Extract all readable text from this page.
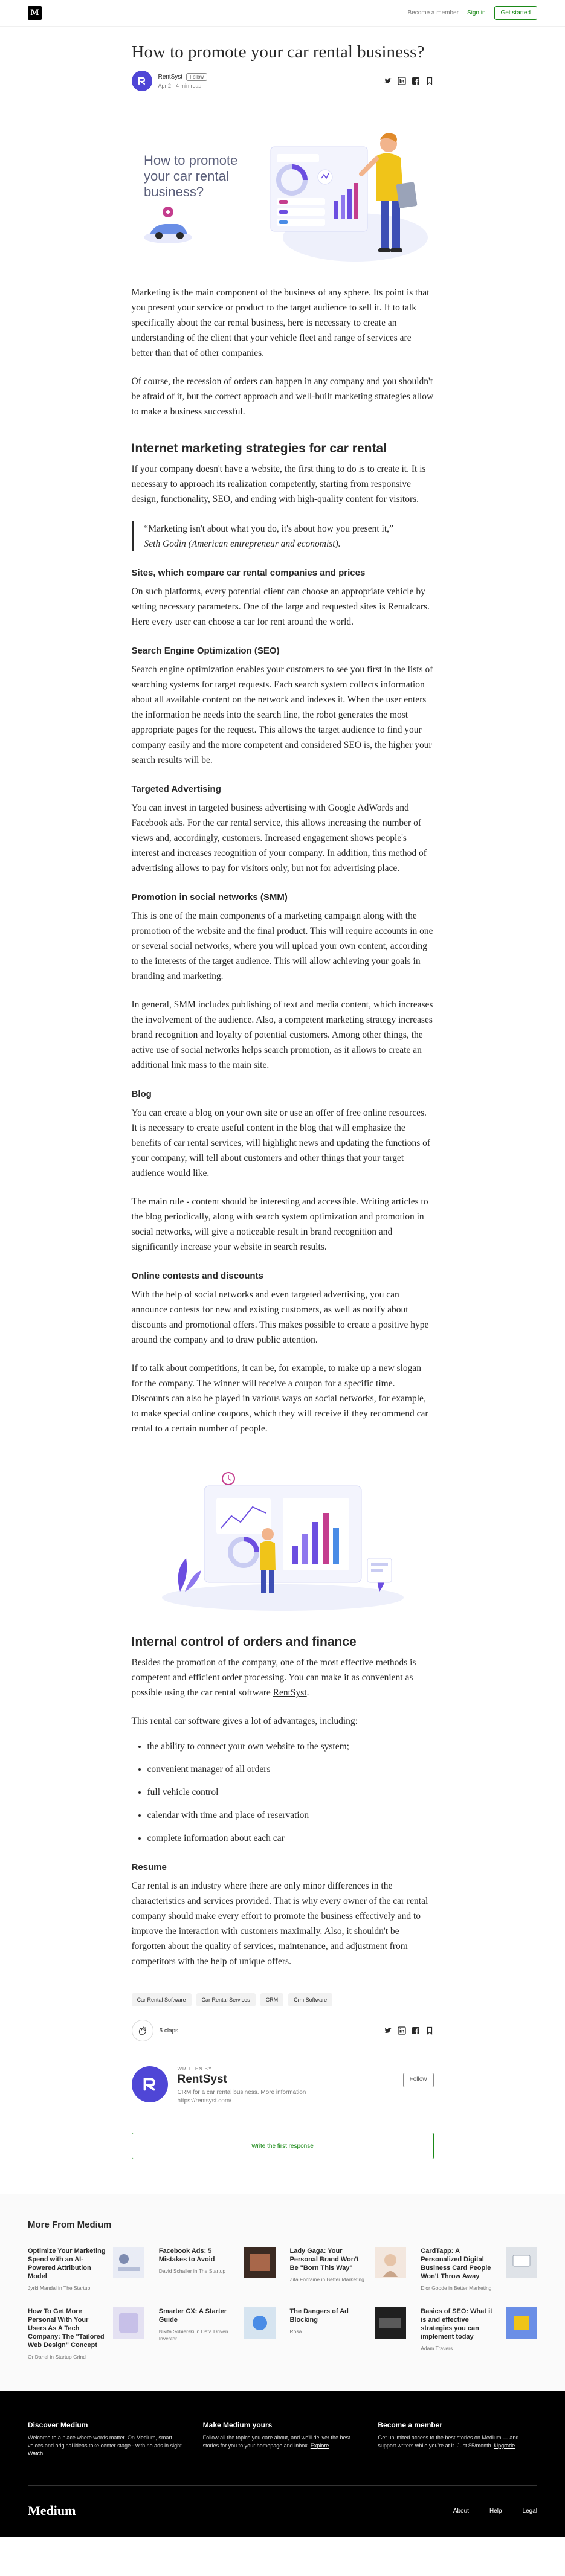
M	Become a member Sign in	Get started
How to promote your car rental business?
RentSyst	Follow
Apr 2 · 4 min read
How to promote
your car rental
business?

Marketing is the main component of the business of any sphere. Its point is that you present your service or product to the target audience to sell it. If to talk specifically about the car rental business, here is necessary to create an understanding of the client that your vehicle fleet and range of services are better than that of other companies.

Of course, the recession of orders can happen in any company and you shouldn't be afraid of it, but the correct approach and well-built marketing strategies allow to make a business successful.

Internet marketing strategies for car rental

If your company doesn't have a website, the first thing to do is to create it. It is necessary to approach its realization competently, starting from responsive design, functionality, SEO, and ending with high-quality content for visitors.

“Marketing isn't about what you do, it's about how you present it,”
Seth Godin (American entrepreneur and economist).
Sites, which compare car rental companies and prices

On such platforms, every potential client can choose an appropriate vehicle by setting necessary parameters. One of the large and requested sites is Rentalcars. Here every user can choose a car for rent around the world.

Search Engine Optimization (SEO)

Search engine optimization enables your customers to see you first in the lists of searching systems for target requests. Each search system collects information about all available content on the network and indexes it. When the user enters the information he needs into the search line, the robot generates the most appropriate pages for the request. This allows the target audience to find your company easily and the more competent and considered SEO is, the higher your search results will be.

Targeted Advertising

You can invest in targeted business advertising with Google AdWords and Facebook ads. For the car rental service, this allows increasing the number of views and, accordingly, customers. Increased engagement shows people's interest and increases recognition of your company. In addition, this method of advertising allows to pay for visitors only, but not for advertising place.

Promotion in social networks (SMM)

This is one of the main components of a marketing campaign along with the promotion of the website and the final product. This will require accounts in one or several social networks, where you will upload your own content, according to the interests of the target audience. This will allow achieving your goals in branding and marketing.

In general, SMM includes publishing of text and media content, which increases the involvement of the audience. Also, a competent marketing strategy increases brand recognition and loyalty of potential customers. Among other things, the active use of social networks helps search promotion, as it allows to create an additional link mass to the main site.

Blog

You can create a blog on your own site or use an offer of free online resources. It is necessary to create useful content in the blog that will emphasize the benefits of car rental services, will highlight news and updating the functions of your company, will tell about customers and other things that your target audience would like.

The main rule - content should be interesting and accessible. Writing articles to the blog periodically, along with search system optimization and promotion in social networks, will give a noticeable result in brand recognition and significantly increase your website in search results.

Online contests and discounts

With the help of social networks and even targeted advertising, you can announce contests for new and existing customers, as well as notify about discounts and promotional offers. This makes possible to create a positive hype around the company and to draw public attention.

If to talk about competitions, it can be, for example, to make up a new slogan for the company. The winner will receive a coupon for a specific time. Discounts can also be played in various ways on social networks, for example, to make special online coupons, which they will receive if they recommend car rental to a certain number of people.

Internal control of orders and finance

Besides the promotion of the company, one of the most effective methods is competent and efficient order processing. You can make it as convenient as possible using the car rental software RentSyst.

This rental car software gives a lot of advantages, including:

• the ability to connect your own website to the system;
• convenient manager of all orders
• full vehicle control
• calendar with time and place of reservation
• complete information about each car
Resume

Car rental is an industry where there are only minor differences in the characteristics and services provided. That is why every owner of the car rental company should make every effort to promote the business effectively and to improve the interaction with customers maximally. Also, it shouldn't be forgotten about the quality of services, maintenance, and adjustment from competitors with the help of unique offers.

Car Rental Software	Car Rental Services	CRM	Crm Software
5 claps
WRITTEN BY
RentSyst
CRM for a car rental business. More information
https://rentsyst.com/
Follow
Write the first response
More From Medium
Optimize Your Marketing Spend with an AI-Powered Attribution Model
Jyrki Mandal in The Startup
Facebook Ads: 5 Mistakes to Avoid
David Schaller in The Startup
Lady Gaga: Your Personal Brand Won't Be "Born This Way"
Zita Fontaine in Better Marketing
CardTapp: A Personalized Digital Business Card People Won't Throw Away
Dior Goode in Better Marketing
How To Get More Personal With Your Users As A Tech Company: The "Tailored Web Design" Concept
Or Danel in Startup Grind
Smarter CX: A Starter Guide
Nikita Sobierski in Data Driven Investor
The Dangers of Ad Blocking
Rosa
Basics of SEO: What it is and effective strategies you can implement today
Adam Travers
Discover Medium
Welcome to a place where words matter. On Medium, smart voices and original ideas take center stage - with no ads in sight. Watch
Make Medium yours
Follow all the topics you care about, and we'll deliver the best stories for you to your homepage and inbox. Explore
Become a member
Get unlimited access to the best stories on Medium — and support writers while you're at it. Just $5/month. Upgrade
Medium	About	Help	Legal
